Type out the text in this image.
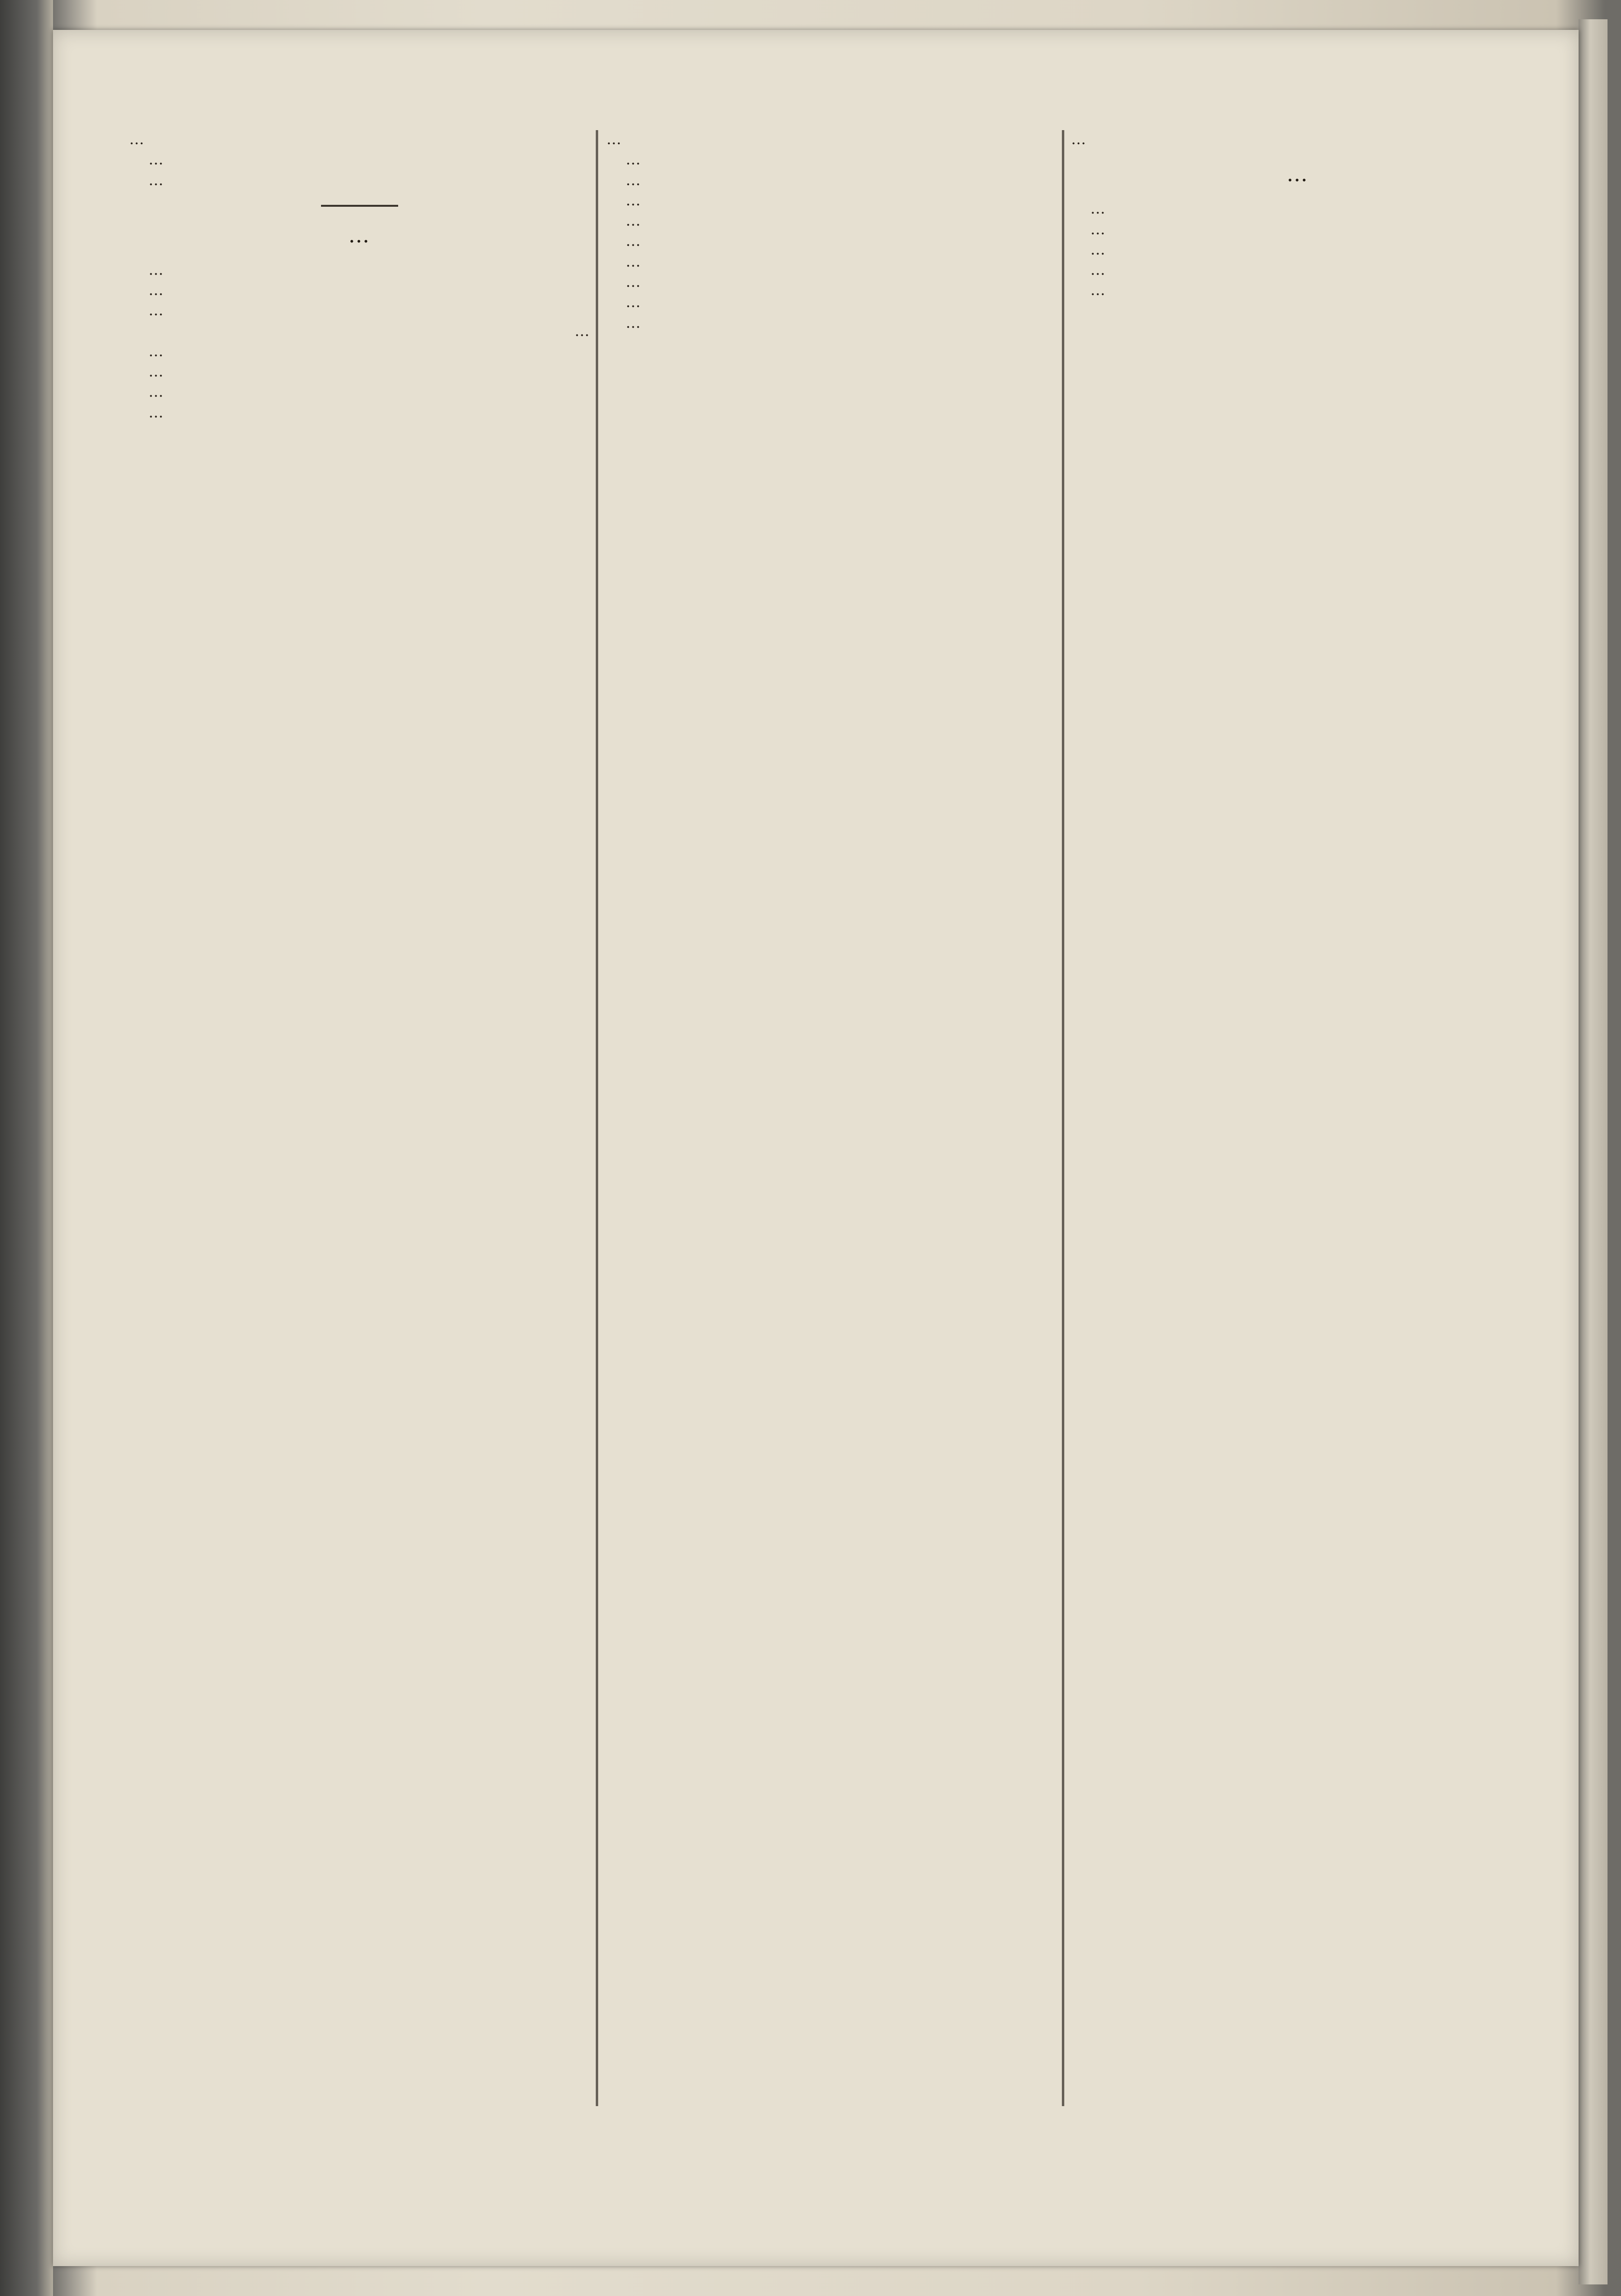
…

…

…

…

…

…

…

…

…

…

…

…

…

…

…

…

…

…

…

…

…

…

…

…

…

…

…

…

…
